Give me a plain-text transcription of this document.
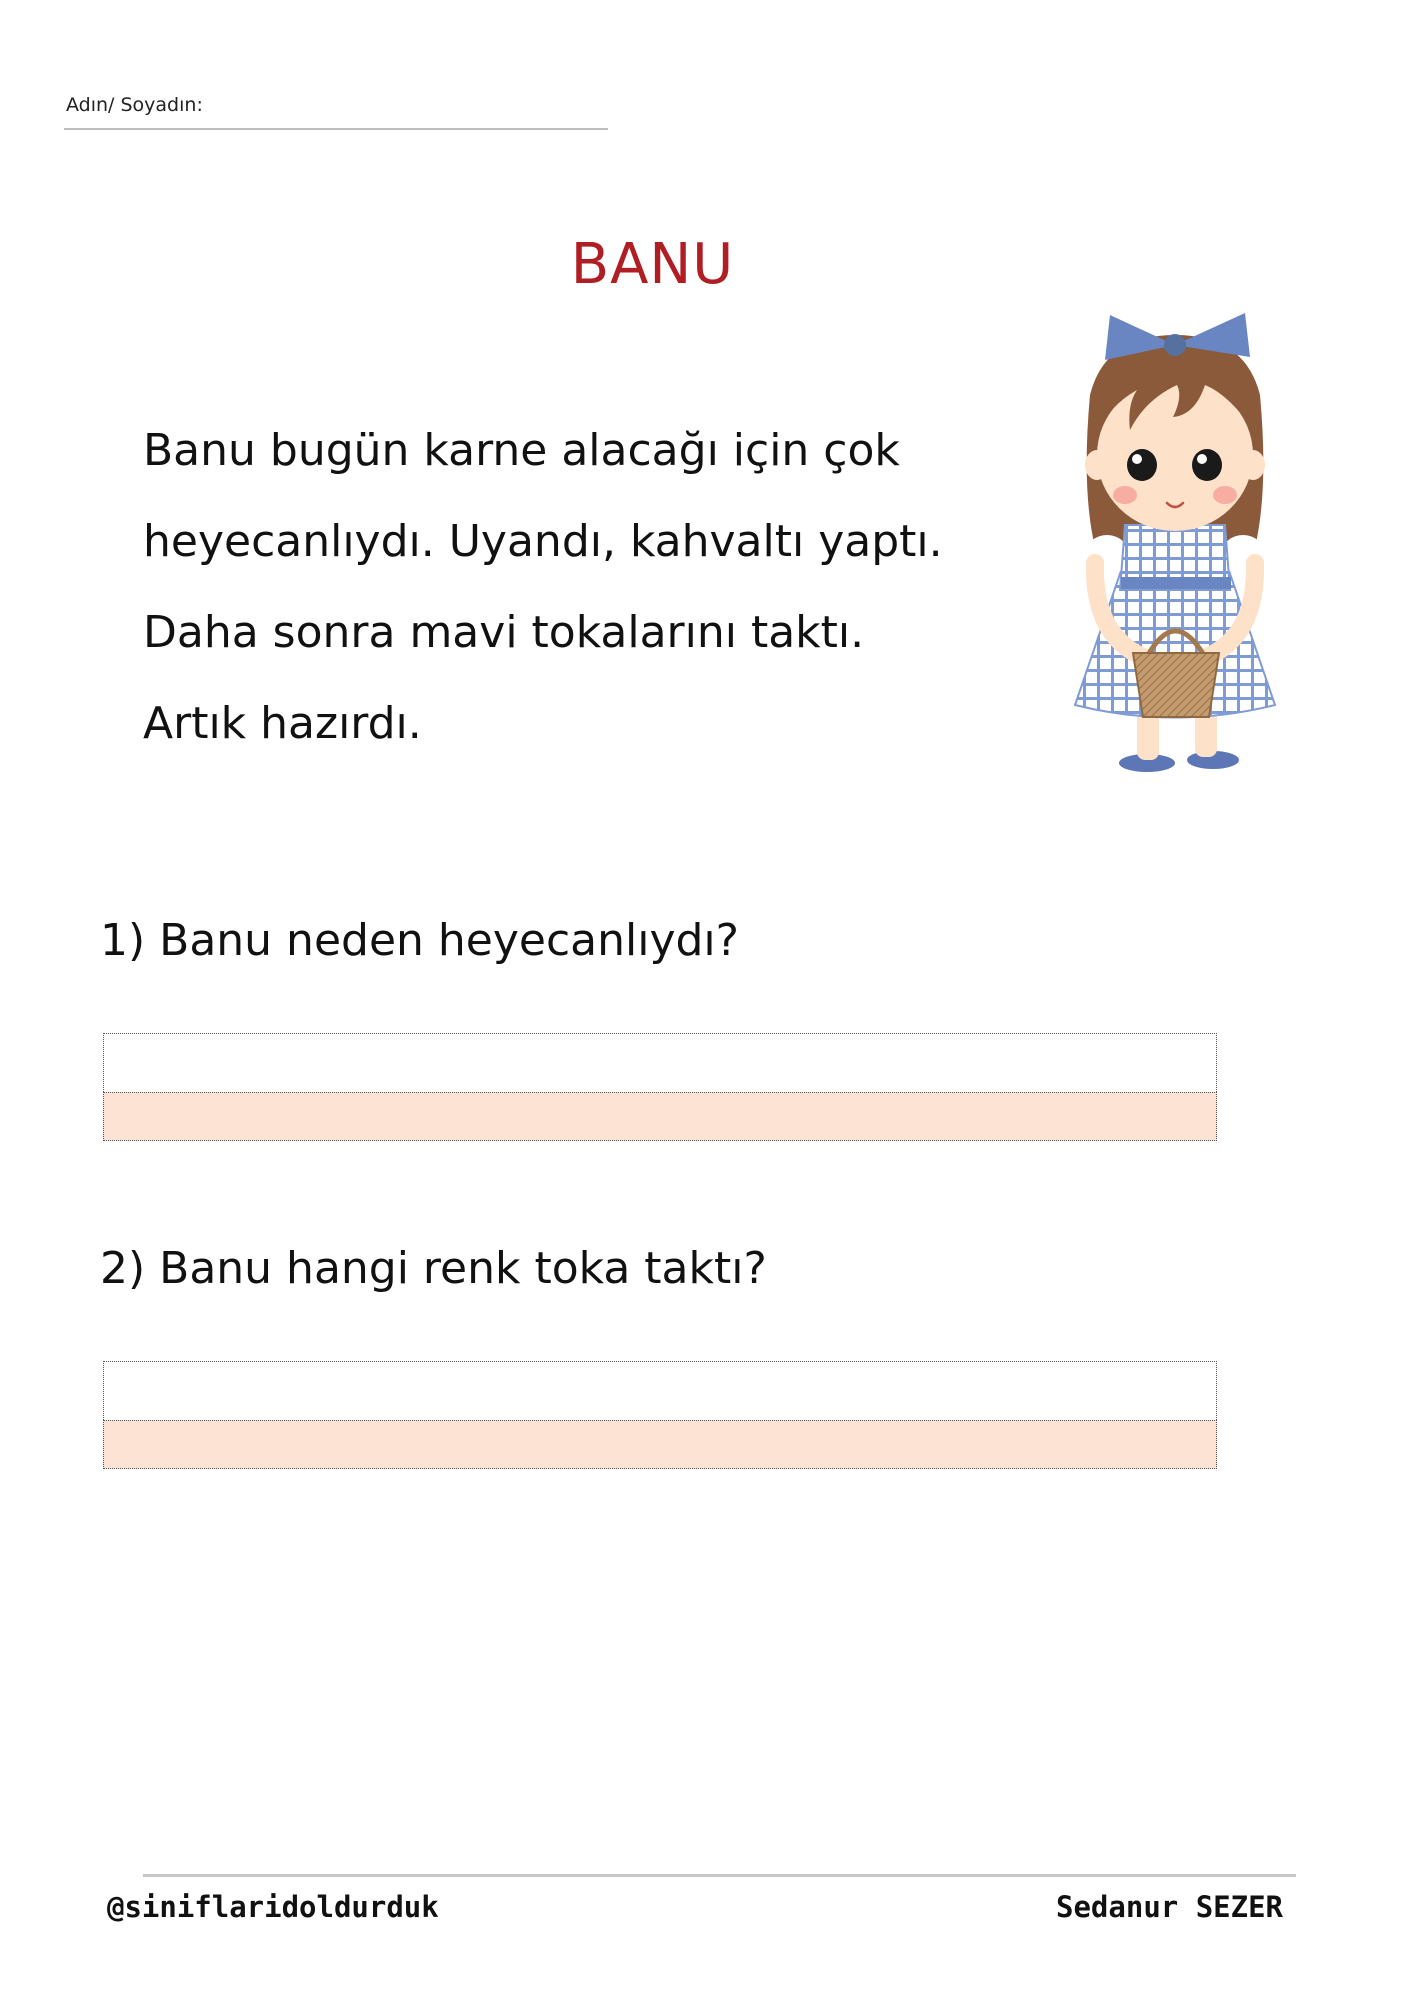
Adın/ Soyadın:
BANU
Banu bugün karne alacağı için çok
heyecanlıydı. Uyandı, kahvaltı yaptı.
Daha sonra mavi tokalarını taktı.
Artık hazırdı.
1) Banu neden heyecanlıydı?
2) Banu hangi renk toka taktı?
@siniflaridoldurduk	Sedanur SEZER
